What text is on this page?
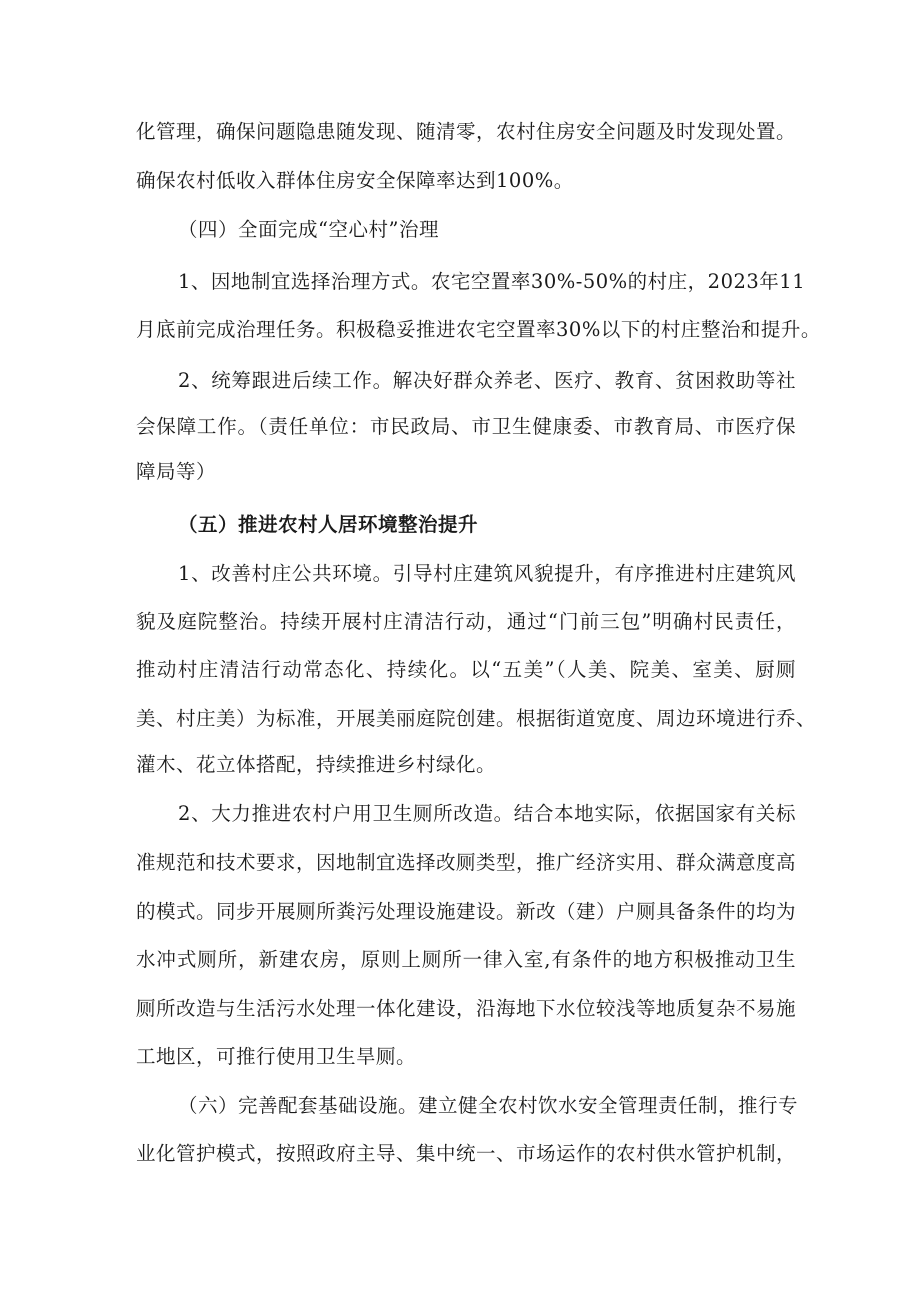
化管理，确保问题隐患随发现、随清零，农村住房安全问题及时发现处置。
确保农村低收入群体住房安全保障率达到100%。
（四）全面完成“空心村”治理
1、因地制宜选择治理方式。农宅空置率30%-50%的村庄，2023年11
月底前完成治理任务。积极稳妥推进农宅空置率30%以下的村庄整治和提升。
2、统筹跟进后续工作。解决好群众养老、医疗、教育、贫困救助等社
会保障工作。（责任单位：市民政局、市卫生健康委、市教育局、市医疗保
障局等）
（五）推进农村人居环境整治提升
1、改善村庄公共环境。引导村庄建筑风貌提升，有序推进村庄建筑风
貌及庭院整治。持续开展村庄清洁行动，通过“门前三包”明确村民责任，
推动村庄清洁行动常态化、持续化。以“五美”（人美、院美、室美、厨厕
美、村庄美）为标准，开展美丽庭院创建。根据街道宽度、周边环境进行乔、
灌木、花立体搭配，持续推进乡村绿化。
2、大力推进农村户用卫生厕所改造。结合本地实际，依据国家有关标
准规范和技术要求，因地制宜选择改厕类型，推广经济实用、群众满意度高
的模式。同步开展厕所粪污处理设施建设。新改（建）户厕具备条件的均为
水冲式厕所，新建农房，原则上厕所一律入室,有条件的地方积极推动卫生
厕所改造与生活污水处理一体化建设，沿海地下水位较浅等地质复杂不易施
工地区，可推行使用卫生旱厕。
（六）完善配套基础设施。建立健全农村饮水安全管理责任制，推行专
业化管护模式，按照政府主导、集中统一、市场运作的农村供水管护机制，
